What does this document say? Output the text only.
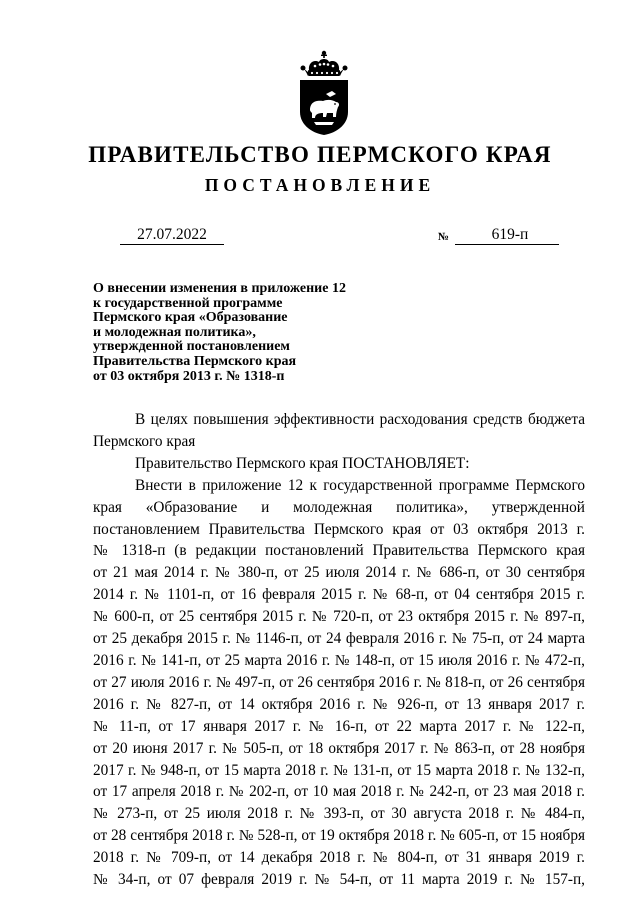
ПРАВИТЕЛЬСТВО ПЕРМСКОГО КРАЯ
ПОСТАНОВЛЕНИЕ
27.07.2022	№	619-п
О внесении изменения в приложение 12
к государственной программе
Пермского края «Образование
и молодежная политика»,
утвержденной постановлением
Правительства Пермского края
от 03 октября 2013 г. № 1318-п
В целях повышения эффективности расходования средств бюджета
Пермского края
Правительство Пермского края ПОСТАНОВЛЯЕТ:
Внести в приложение 12 к государственной программе Пермского
края «Образование и молодежная политика», утвержденной
постановлением Правительства Пермского края от 03 октября 2013 г.
№ 1318-п (в редакции постановлений Правительства Пермского края
от 21 мая 2014 г. № 380-п, от 25 июля 2014 г. № 686-п, от 30 сентября
2014 г. № 1101-п, от 16 февраля 2015 г. № 68-п, от 04 сентября 2015 г.
№ 600-п, от 25 сентября 2015 г. № 720-п, от 23 октября 2015 г. № 897-п,
от 25 декабря 2015 г. № 1146-п, от 24 февраля 2016 г. № 75-п, от 24 марта
2016 г. № 141-п, от 25 марта 2016 г. № 148-п, от 15 июля 2016 г. № 472-п,
от 27 июля 2016 г. № 497-п, от 26 сентября 2016 г. № 818-п, от 26 сентября
2016 г. № 827-п, от 14 октября 2016 г. № 926-п, от 13 января 2017 г.
№ 11-п, от 17 января 2017 г. № 16-п, от 22 марта 2017 г. № 122-п,
от 20 июня 2017 г. № 505-п, от 18 октября 2017 г. № 863-п, от 28 ноября
2017 г. № 948-п, от 15 марта 2018 г. № 131-п, от 15 марта 2018 г. № 132-п,
от 17 апреля 2018 г. № 202-п, от 10 мая 2018 г. № 242-п, от 23 мая 2018 г.
№ 273-п, от 25 июля 2018 г. № 393-п, от 30 августа 2018 г. № 484-п,
от 28 сентября 2018 г. № 528-п, от 19 октября 2018 г. № 605-п, от 15 ноября
2018 г. № 709-п, от 14 декабря 2018 г. № 804-п, от 31 января 2019 г.
№ 34-п, от 07 февраля 2019 г. № 54-п, от 11 марта 2019 г. № 157-п,
